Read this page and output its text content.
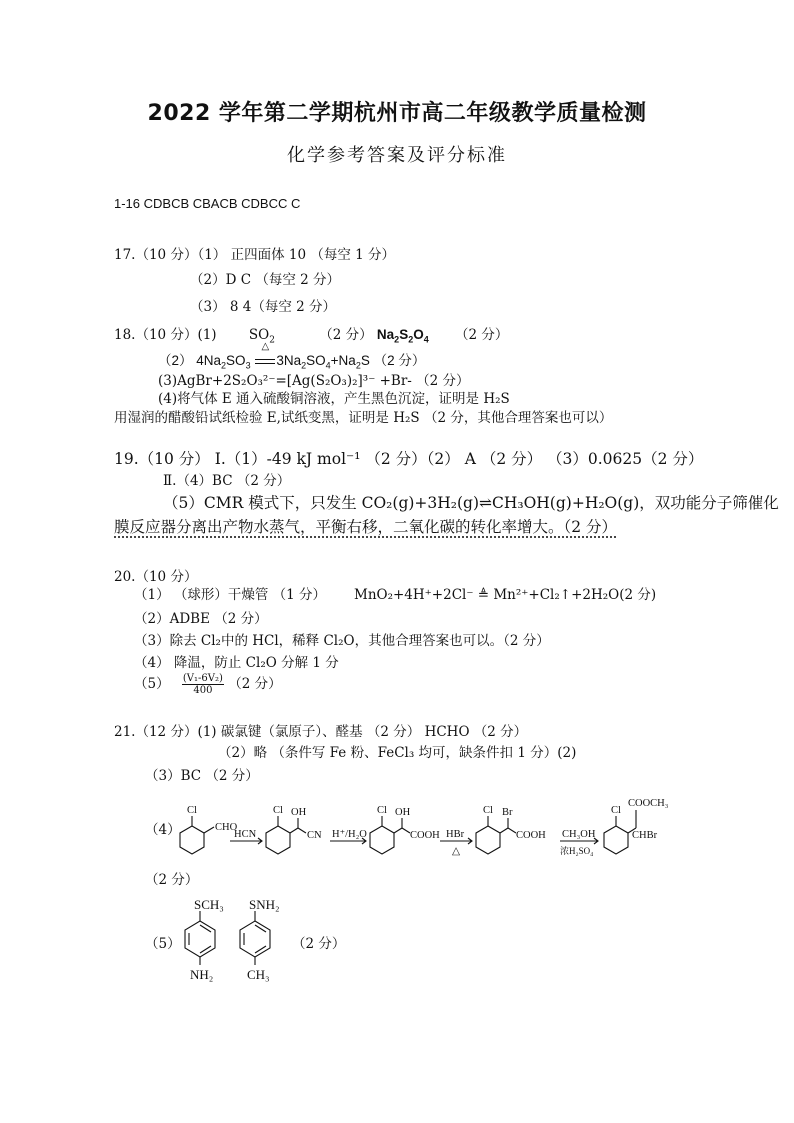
2022 学年第二学期杭州市高二年级教学质量检测
化学参考答案及评分标准
1-16 CDBCB CBACB CDBCC C
17.（10 分）（1） 正四面体 10 （每空 1 分）
（2）D C （每空 2 分）
（3） 8 4（每空 2 分）
18.（10 分）(1) $SO_2$	（2 分） $Na_2S_2O_4$ （2 分）
（2） $4Na_2SO_3$
△
$3Na_2SO_4+Na_2S$ （2 分）
(3)AgBr+2S₂O₃²⁻=[Ag(S₂O₃)₂]³⁻ +Br- （2 分）
(4)将气体 E 通入硫酸铜溶液，产生黑色沉淀，证明是 H₂S
用湿润的醋酸铅试纸检验 E,试纸变黑，证明是 H₂S （2 分，其他合理答案也可以）
19.（10 分） Ⅰ.（1）-49 kJ mol⁻¹ （2 分）（2） A （2 分） （3）0.0625（2 分）
Ⅱ.（4）BC （2 分）
（5）CMR 模式下，只发生 CO₂(g)+3H₂(g)⇌CH₃OH(g)+H₂O(g)，双功能分子筛催化
膜反应器分离出产物水蒸气，平衡右移，二氧化碳的转化率增大。（2 分）
20.（10 分）
（1） （球形）干燥管 （1 分） MnO₂+4H⁺+2Cl⁻ ≜ Mn²⁺+Cl₂↑+2H₂O(2 分)
（2）ADBE （2 分）
（3）除去 Cl₂中的 HCl，稀释 Cl₂O，其他合理答案也可以。（2 分）
（4） 降温，防止 Cl₂O 分解 1 分
$(5) \frac{\text{(V₁-6V₂)}}{400} (2$ 分）
21.（12 分）(1) 碳氯键（氯原子）、醛基 （2 分） HCHO （2 分）
（2）略 （条件写 Fe 粉、FeCl₃ 均可，缺条件扣 1 分）(2)
（3）BC （2 分）
（4）
Cl
CHO
HCN
Cl OH
CN H⁺/H₂O
Cl OH
COOH HBr
△
Cl Br
COOH CH₃OH
浓H₂SO₄
Cl
COOCH₃
CHBr
（2 分）
（5）
SCH₃
NH₂
SNH₂
CH₃
（2 分）
